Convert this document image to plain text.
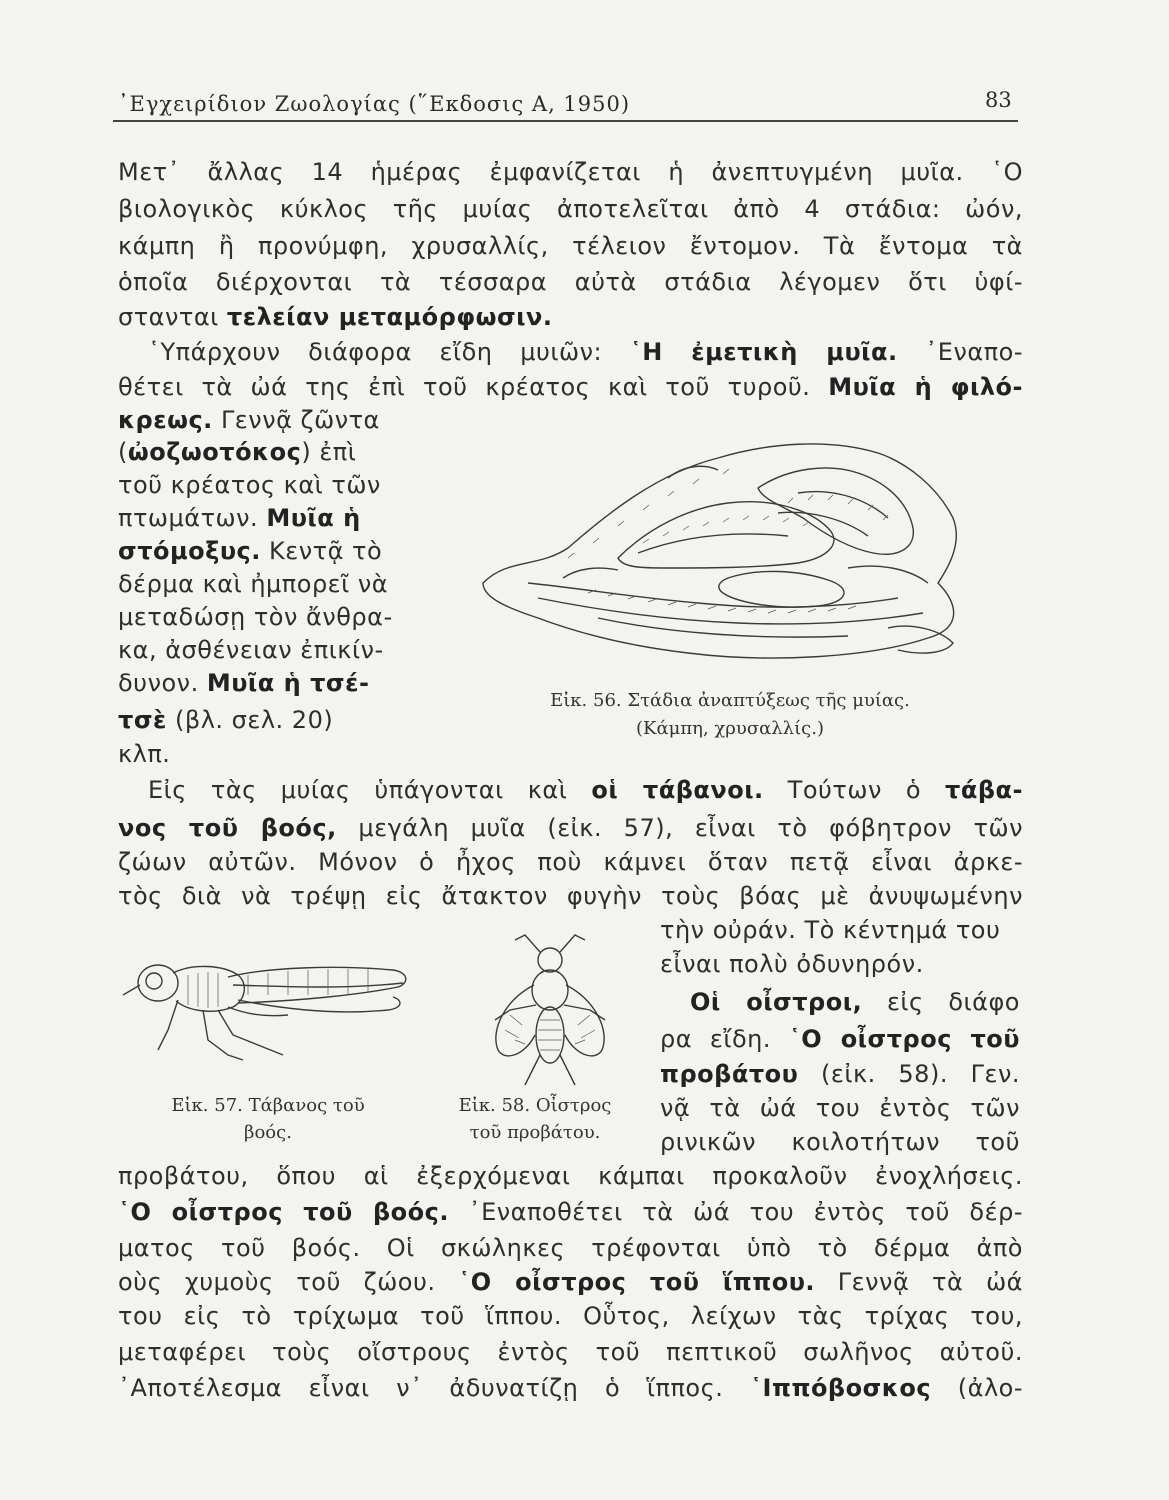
᾿Εγχειρίδιον Ζωολογίας (῞Εκδοσις Α, 1950)	83
Μετ᾿ ἄλλας 14 ἡμέρας ἐμφανίζεται ἡ ἀνεπτυγμένη μυῖα. ῾Ο
βιολογικὸς κύκλος τῆς μυίας ἀποτελεῖται ἀπὸ 4 στάδια: ὠόν,
κάμπη ἢ προνύμφη, χρυσαλλίς, τέλειον ἔντομον. Τὰ ἔντομα τὰ
ὁποῖα διέρχονται τὰ τέσσαρα αὐτὰ στάδια λέγομεν ὅτι ὑφί-
στανται τελείαν μεταμόρφωσιν.
῾Υπάρχουν διάφορα εἴδη μυιῶν: ῾Η ἐμετικὴ μυῖα. ᾿Εναπο-
θέτει τὰ ὠά της ἐπὶ τοῦ κρέατος καὶ τοῦ τυροῦ. Μυῖα ἡ φιλό-
κρεως. Γεννᾷ ζῶντα
(ὠοζωοτόκος) ἐπὶ
τοῦ κρέατος καὶ τῶν
πτωμάτων. Μυῖα ἡ
στόμοξυς. Κεντᾷ τὸ
δέρμα καὶ ἠμπορεῖ νὰ
μεταδώσῃ τὸν ἄνθρα-
κα, ἀσθένειαν ἐπικίν-
δυνον. Μυῖα ἡ τσέ-
τσὲ (βλ. σελ. 20)
κλπ.
Εἰκ. 56. Στάδια ἀναπτύξεως τῆς μυίας.
(Κάμπη, χρυσαλλίς.)
Εἰς τὰς μυίας ὑπάγονται καὶ οἱ τάβανοι. Τούτων ὁ τάβα-
νος τοῦ βοός, μεγάλη μυῖα (εἰκ. 57), εἶναι τὸ φόβητρον τῶν
ζώων αὐτῶν. Μόνον ὁ ἦχος ποὺ κάμνει ὅταν πετᾷ εἶναι ἀρκε-
τὸς διὰ νὰ τρέψῃ εἰς ἄτακτον φυγὴν τοὺς βόας μὲ ἀνυψωμένην
τὴν οὐράν. Τὸ κέντημά του
εἶναι πολὺ ὀδυνηρόν.
Εἰκ. 57. Τάβανος τοῦ
βοός.
Εἰκ. 58. Οἶστρος
τοῦ προβάτου.
Οἱ οἶστροι, εἰς διάφο
ρα εἴδη. ῾Ο οἶστρος τοῦ
προβάτου (εἰκ. 58). Γεν.
νᾷ τὰ ὠά του ἐντὸς τῶν
ρινικῶν κοιλοτήτων τοῦ
προβάτου, ὅπου αἱ ἐξερχόμεναι κάμπαι προκαλοῦν ἐνοχλήσεις.
῾Ο οἶστρος τοῦ βοός. ᾿Εναποθέτει τὰ ὠά του ἐντὸς τοῦ δέρ-
ματος τοῦ βοός. Οἱ σκώληκες τρέφονται ὑπὸ τὸ δέρμα ἀπὸ
οὺς χυμοὺς τοῦ ζώου. ῾Ο οἶστρος τοῦ ἵππου. Γεννᾷ τὰ ὠά
του εἰς τὸ τρίχωμα τοῦ ἵππου. Οὗτος, λείχων τὰς τρίχας του,
μεταφέρει τοὺς οἴστρους ἐντὸς τοῦ πεπτικοῦ σωλῆνος αὐτοῦ.
᾿Αποτέλεσμα εἶναι ν᾿ ἀδυνατίζῃ ὁ ἵππος. ῾Ιππόβοσκος (ἀλο-
